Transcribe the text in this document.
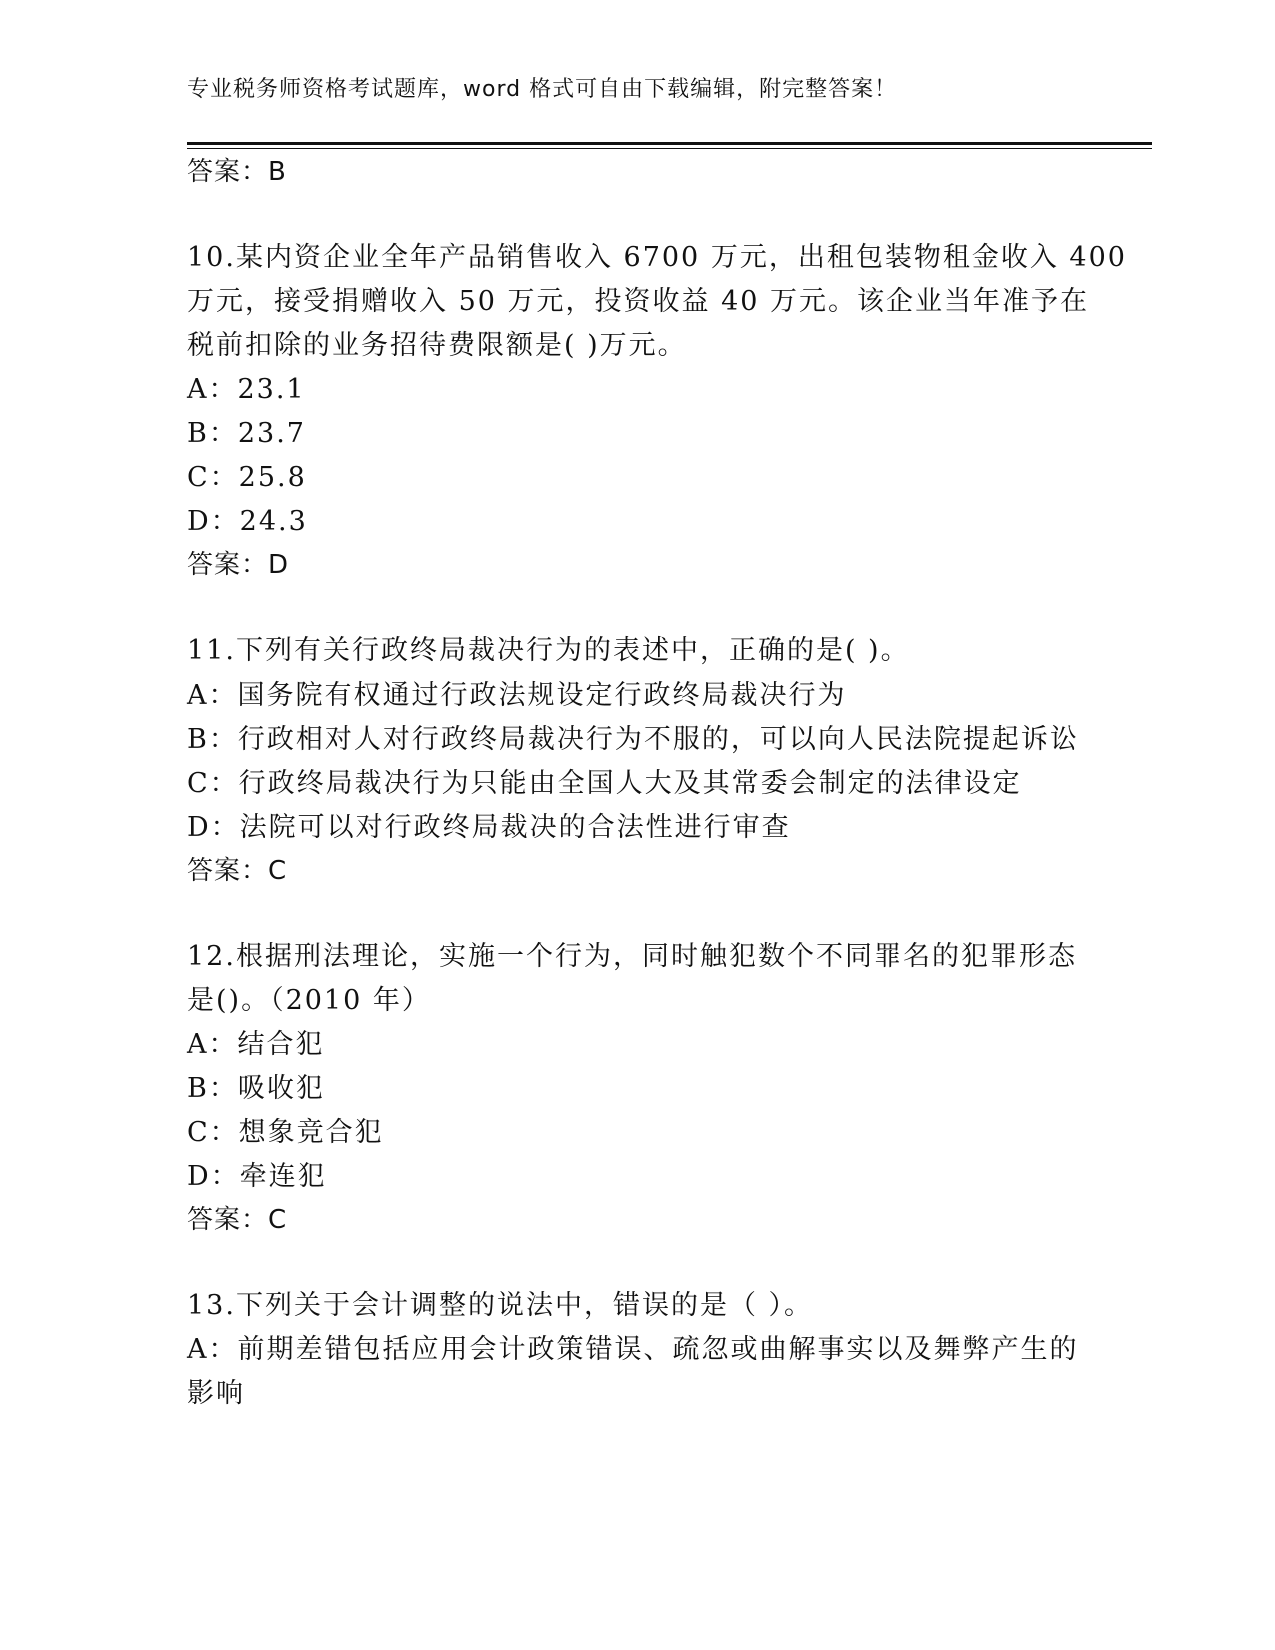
专业税务师资格考试题库，word 格式可自由下载编辑，附完整答案！
答案：B
10.某内资企业全年产品销售收入 6700 万元，出租包装物租金收入 400
万元，接受捐赠收入 50 万元，投资收益 40 万元。该企业当年准予在
税前扣除的业务招待费限额是( )万元。
A：23.1
B：23.7
C：25.8
D：24.3
答案：D
11.下列有关行政终局裁决行为的表述中，正确的是( )。
A：国务院有权通过行政法规设定行政终局裁决行为
B：行政相对人对行政终局裁决行为不服的，可以向人民法院提起诉讼
C：行政终局裁决行为只能由全国人大及其常委会制定的法律设定
D：法院可以对行政终局裁决的合法性进行审查
答案：C
12.根据刑法理论，实施一个行为，同时触犯数个不同罪名的犯罪形态
是()。（2010 年）
A：结合犯
B：吸收犯
C：想象竞合犯
D：牵连犯
答案：C
13.下列关于会计调整的说法中，错误的是（ ）。
A：前期差错包括应用会计政策错误、疏忽或曲解事实以及舞弊产生的
影响
